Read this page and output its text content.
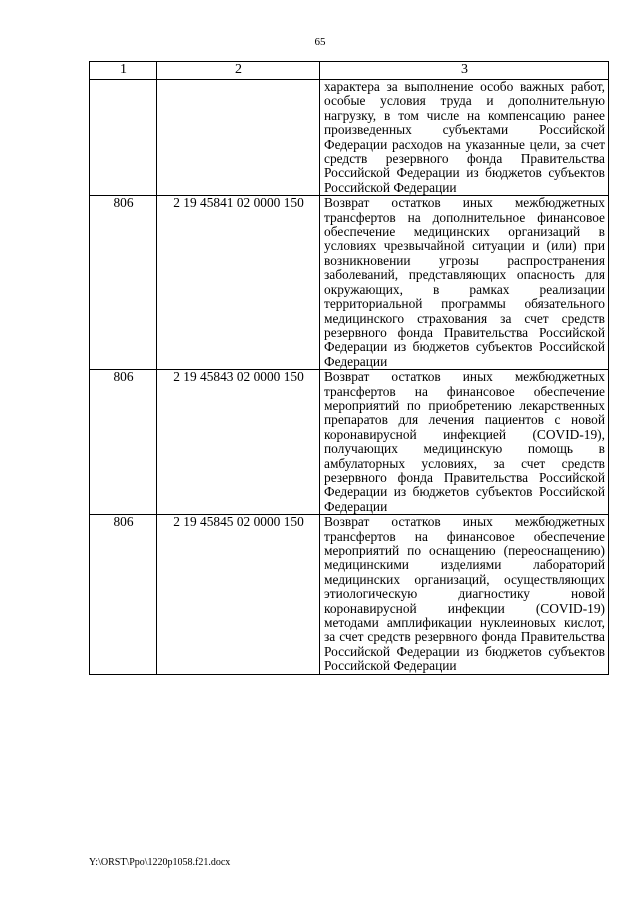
65
1	2	3
		характера за выполнение особо важных работ, особые условия труда и дополнительную нагрузку, в том числе на компенсацию ранее произведенных субъектами Российской Федерации расходов на указанные цели, за счет средств резервного фонда Правительства Российской Федерации из бюджетов субъектов Российской Федерации
806	2 19 45841 02 0000 150	Возврат остатков иных межбюджетных трансфертов на дополнительное финансовое обеспечение медицинских организаций в условиях чрезвычайной ситуации и (или) при возникновении угрозы распространения заболеваний, представляющих опасность для окружающих, в рамках реализации территориальной программы обязательного медицинского страхования за счет средств резервного фонда Правительства Российской Федерации из бюджетов субъектов Российской Федерации
806	2 19 45843 02 0000 150	Возврат остатков иных межбюджетных трансфертов на финансовое обеспечение мероприятий по приобретению лекарственных препаратов для лечения пациентов с новой коронавирусной инфекцией (COVID-19), получающих медицинскую помощь в амбулаторных условиях, за счет средств резервного фонда Правительства Российской Федерации из бюджетов субъектов Российской Федерации
806	2 19 45845 02 0000 150	Возврат остатков иных межбюджетных трансфертов на финансовое обеспечение мероприятий по оснащению (переоснащению) медицинскими изделиями лабораторий медицинских организаций, осуществляющих этиологическую диагностику новой коронавирусной инфекции (COVID-19) методами амплификации нуклеиновых кислот, за счет средств резервного фонда Правительства Российской Федерации из бюджетов субъектов Российской Федерации
Y:\ORST\Ppo\1220p1058.f21.docx
